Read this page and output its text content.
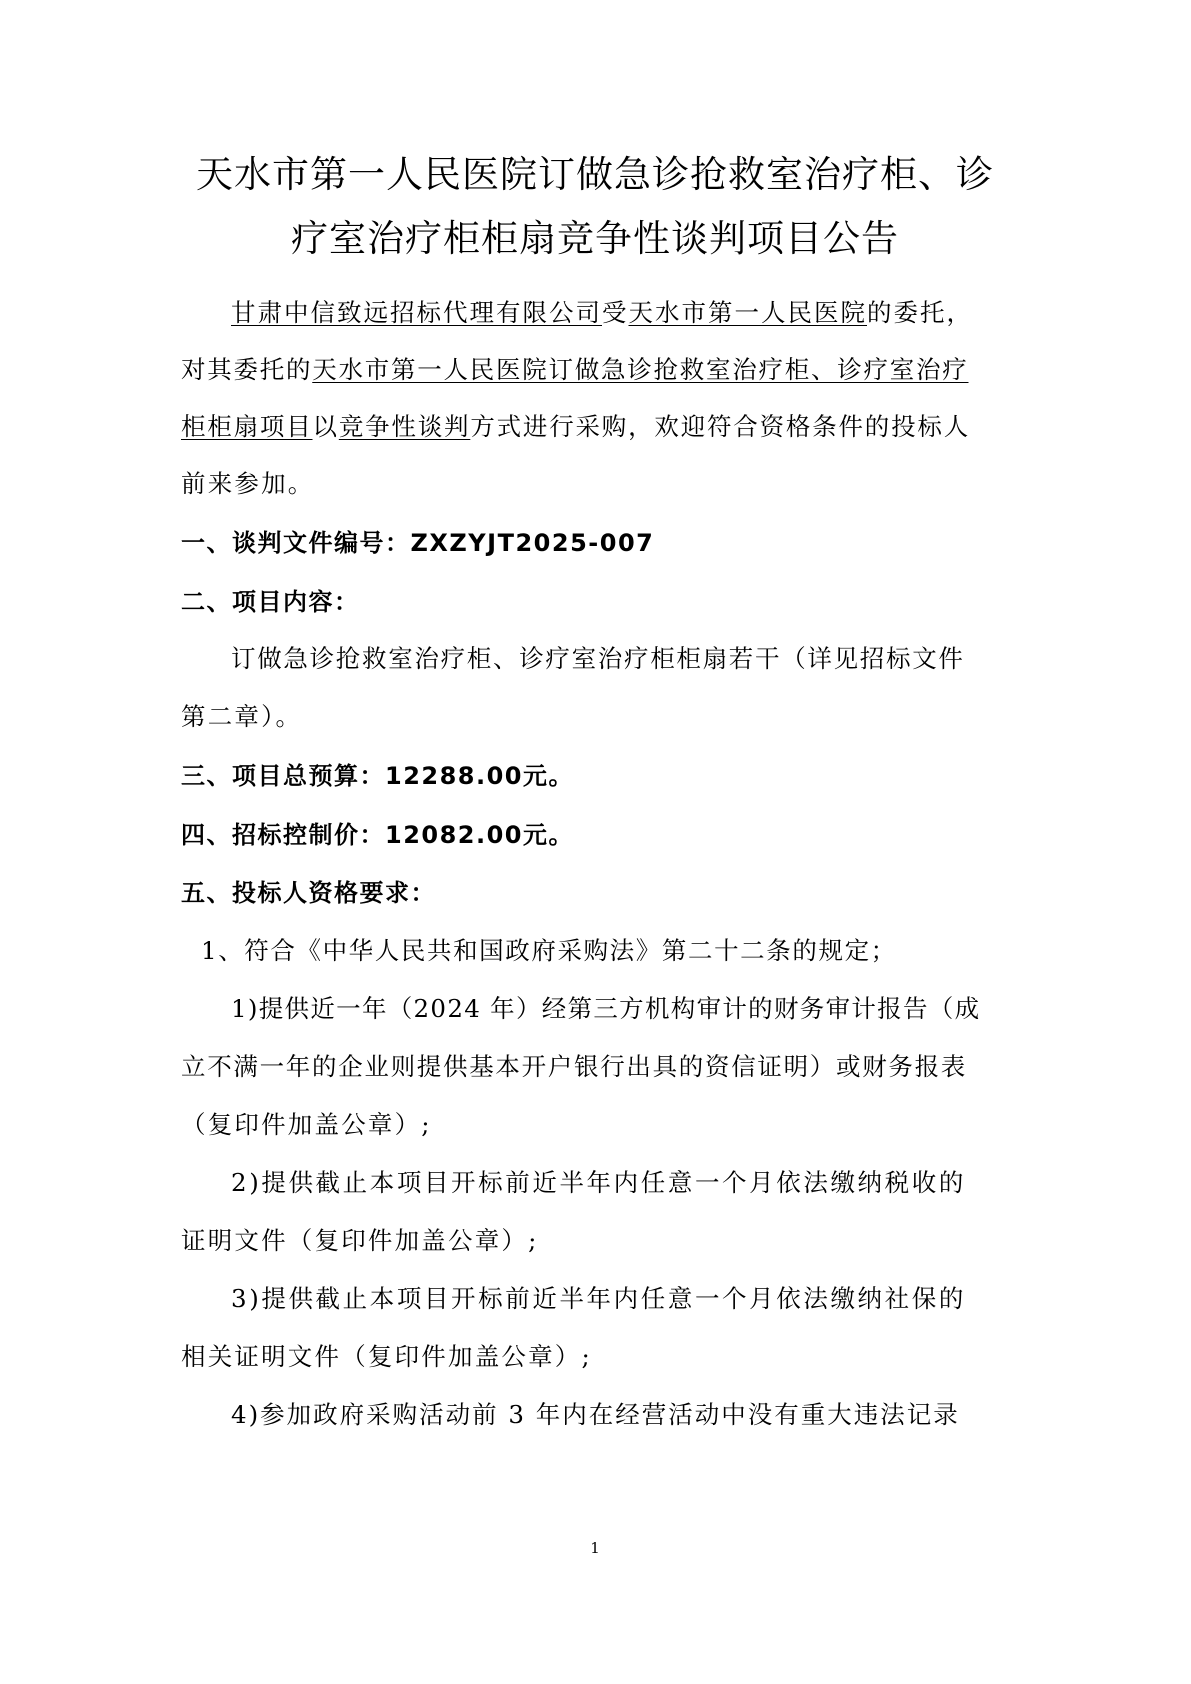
天水市第一人民医院订做急诊抢救室治疗柜、诊
疗室治疗柜柜扇竞争性谈判项目公告
甘肃中信致远招标代理有限公司受天水市第一人民医院的委托，
对其委托的天水市第一人民医院订做急诊抢救室治疗柜、诊疗室治疗
柜柜扇项目以竞争性谈判方式进行采购，欢迎符合资格条件的投标人
前来参加。
一、谈判文件编号：ZXZYJT2025-007
二、项目内容：
订做急诊抢救室治疗柜、诊疗室治疗柜柜扇若干（详见招标文件
第二章）。
三、项目总预算：12288.00元。
四、招标控制价：12082.00元。
五、投标人资格要求：
1、符合《中华人民共和国政府采购法》第二十二条的规定；
1)提供近一年（2024 年）经第三方机构审计的财务审计报告（成
立不满一年的企业则提供基本开户银行出具的资信证明）或财务报表
（复印件加盖公章）;
2)提供截止本项目开标前近半年内任意一个月依法缴纳税收的
证明文件（复印件加盖公章）;
3)提供截止本项目开标前近半年内任意一个月依法缴纳社保的
相关证明文件（复印件加盖公章）;
4)参加政府采购活动前 3 年内在经营活动中没有重大违法记录
1
